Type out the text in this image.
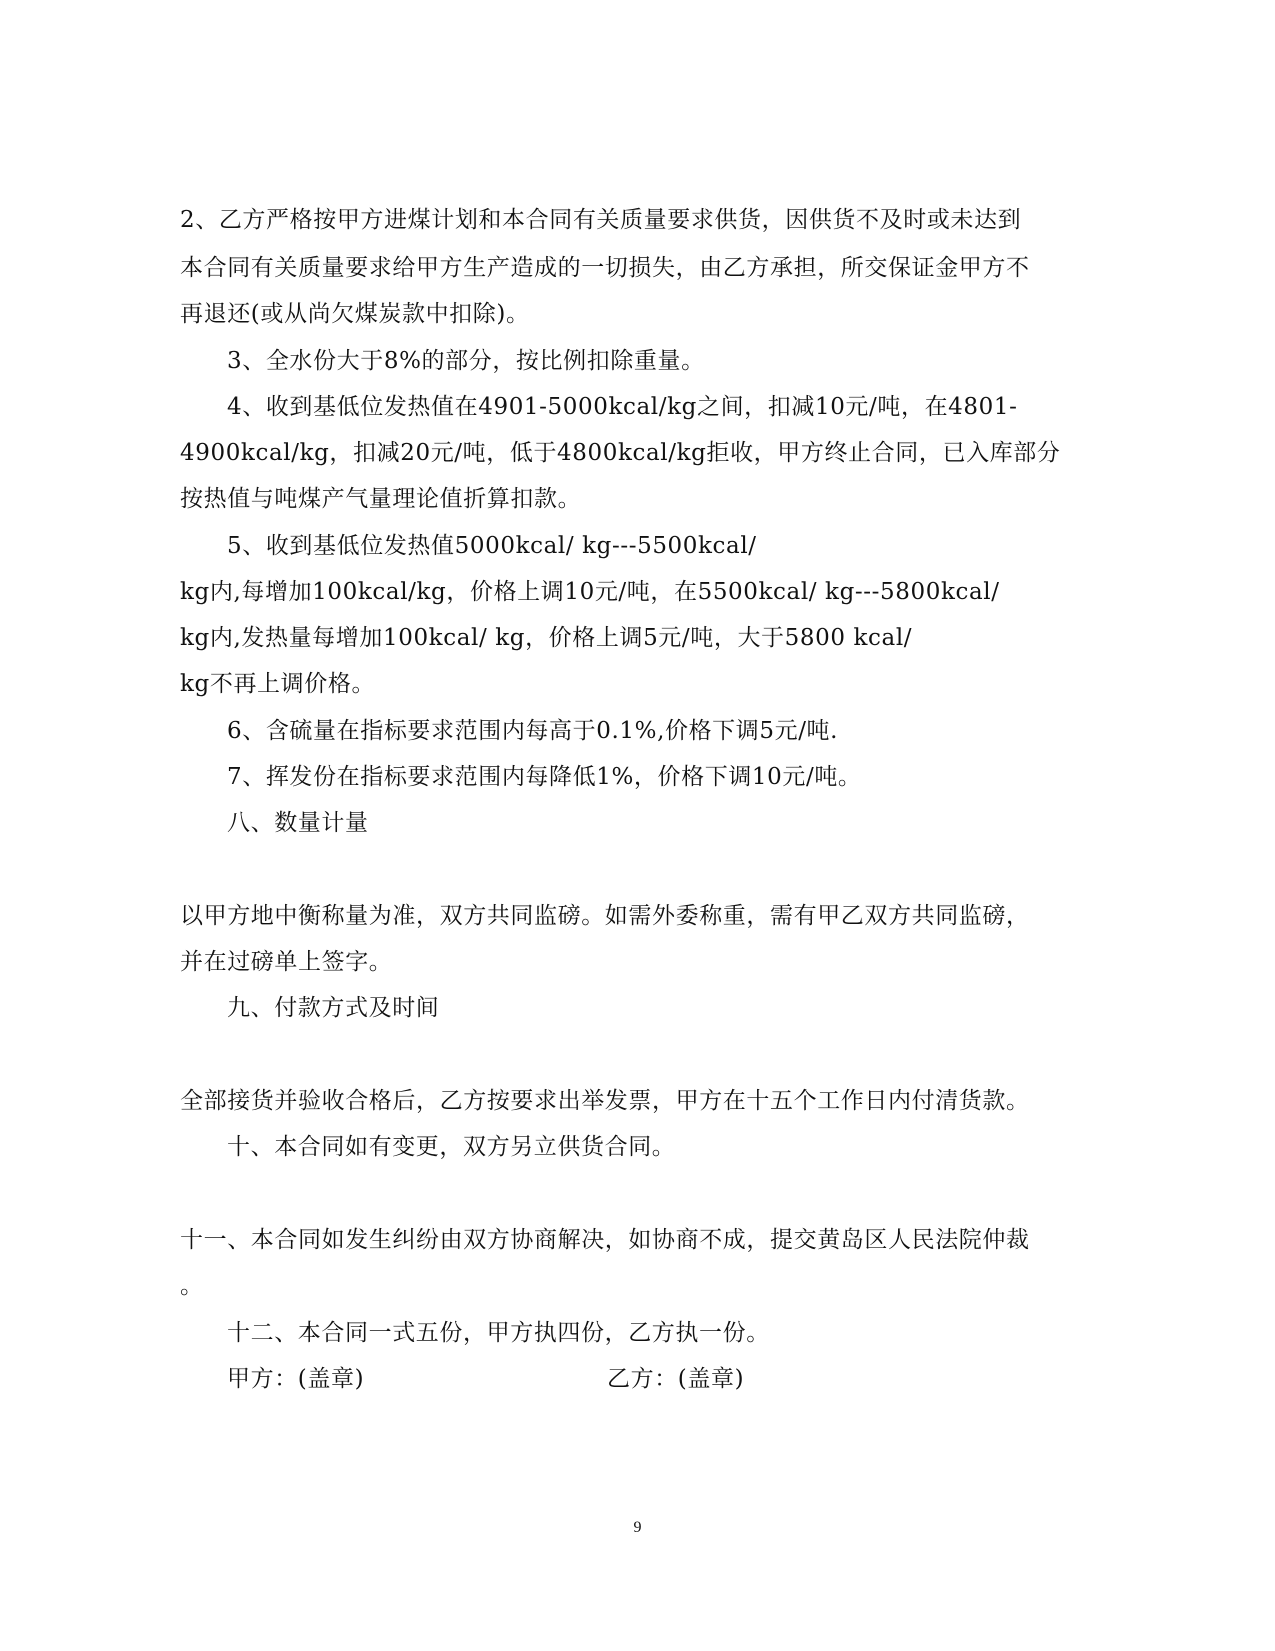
2、乙方严格按甲方进煤计划和本合同有关质量要求供货，因供货不及时或未达到
本合同有关质量要求给甲方生产造成的一切损失，由乙方承担，所交保证金甲方不
再退还(或从尚欠煤炭款中扣除)。
3、全水份大于8%的部分，按比例扣除重量。
4、收到基低位发热值在4901-5000kcal/kg之间，扣减10元/吨，在4801-
4900kcal/kg，扣减20元/吨，低于4800kcal/kg拒收，甲方终止合同，已入库部分
按热值与吨煤产气量理论值折算扣款。
5、收到基低位发热值5000kcal/ kg---5500kcal/
kg内,每增加100kcal/kg，价格上调10元/吨，在5500kcal/ kg---5800kcal/
kg内,发热量每增加100kcal/ kg，价格上调5元/吨，大于5800 kcal/
kg不再上调价格。
6、含硫量在指标要求范围内每高于0.1%,价格下调5元/吨.
7、挥发份在指标要求范围内每降低1%，价格下调10元/吨。
八、数量计量
以甲方地中衡称量为准，双方共同监磅。如需外委称重，需有甲乙双方共同监磅，
并在过磅单上签字。
九、付款方式及时间
全部接货并验收合格后，乙方按要求出举发票，甲方在十五个工作日内付清货款。
十、本合同如有变更，双方另立供货合同。
十一、本合同如发生纠纷由双方协商解决，如协商不成，提交黄岛区人民法院仲裁
。
十二、本合同一式五份，甲方执四份，乙方执一份。
甲方：(盖章)	乙方：(盖章)
9
